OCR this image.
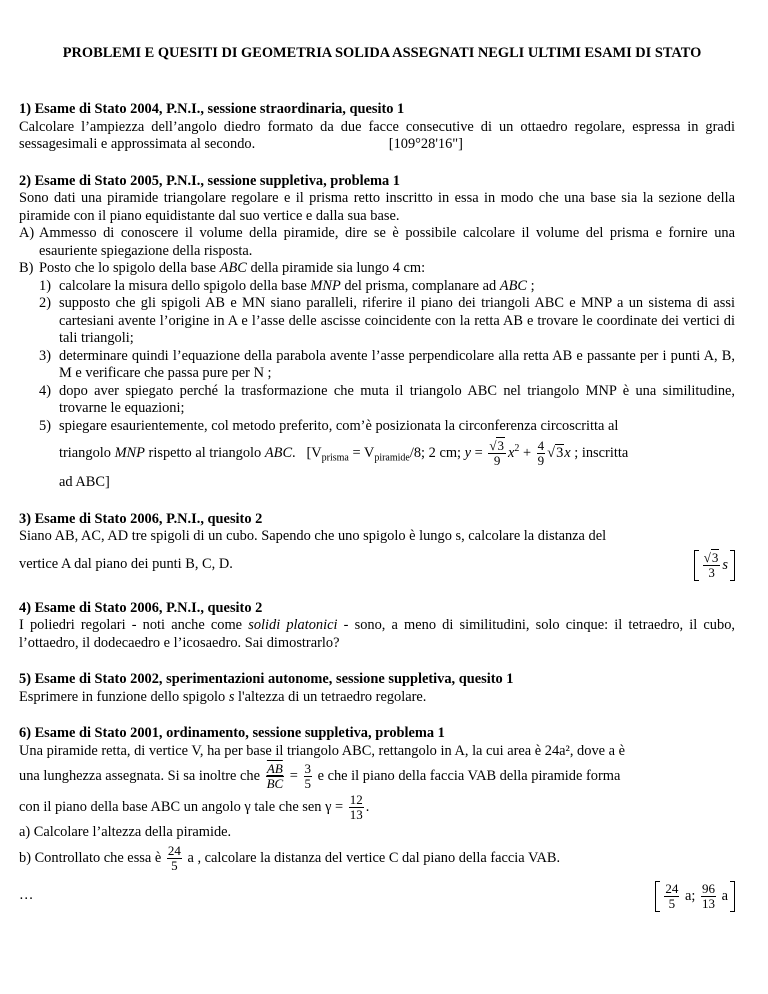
PROBLEMI E QUESITI DI GEOMETRIA SOLIDA ASSEGNATI NEGLI ULTIMI ESAMI DI STATO

1) Esame di Stato 2004, P.N.I., sessione straordinaria, quesito 1
Calcolare l’ampiezza dell’angolo diedro formato da due facce consecutive di un ottaedro regolare, espressa in gradi sessagesimali e approssimata al secondo.	[109°28'16"]
2) Esame di Stato 2005, P.N.I., sessione suppletiva, problema 1
Sono dati una piramide triangolare regolare e il prisma retto inscritto in essa in modo che una base sia la sezione della piramide con il piano equidistante dal suo vertice e dalla sua base.
A) Ammesso di conoscere il volume della piramide, dire se è possibile calcolare il volume del prisma e fornire una esauriente spiegazione della risposta.
B) Posto che lo spigolo della base ABC della piramide sia lungo 4 cm:
1) calcolare la misura dello spigolo della base MNP del prisma, complanare ad ABC ;
2) supposto che gli spigoli AB e MN siano paralleli, riferire il piano dei triangoli ABC e MNP a un sistema di assi cartesiani avente l’origine in A e l’asse delle ascisse coincidente con la retta AB e trovare le coordinate dei vertici di tali triangoli;
3) determinare quindi l’equazione della parabola avente l’asse perpendicolare alla retta AB e passante per i punti A, B, M e verificare che passa pure per N ;
4) dopo aver spiegato perché la trasformazione che muta il triangolo ABC nel triangolo MNP è una similitudine, trovarne le equazioni;
5) spiegare esaurientemente, col metodo preferito, com’è posizionata la circonferenza circoscritta al
triangolo MNP rispetto al triangolo ABC. [$V_{prisma} = V_{piramide}/8$; 2 cm; $y = \frac{√3}{9} x^2 + \frac{4}{9} √3x$ ; inscritta
ad ABC]
3) Esame di Stato 2006, P.N.I., quesito 2
Siano AB, AC, AD tre spigoli di un cubo. Sapendo che uno spigolo è lungo s, calcolare la distanza del
vertice A dal piano dei punti B, C, D.	$\frac{√3}{3}$ s
4) Esame di Stato 2006, P.N.I., quesito 2
I poliedri regolari - noti anche come solidi platonici - sono, a meno di similitudini, solo cinque: il tetraedro, il cubo, l’ottaedro, il dodecaedro e l’icosaedro. Sai dimostrarlo?
5) Esame di Stato 2002, sperimentazioni autonome, sessione suppletiva, quesito 1
Esprimere in funzione dello spigolo s l'altezza di un tetraedro regolare.
6) Esame di Stato 2001, ordinamento, sessione suppletiva, problema 1
Una piramide retta, di vertice V, ha per base il triangolo ABC, rettangolo in A, la cui area è 24a², dove a è
una lunghezza assegnata. Si sa inoltre che $\frac{\overline{AB}}{BC} = \frac{3}{5}$ e che il piano della faccia VAB della piramide forma
con il piano della base ABC un angolo γ tale che sen $\gamma = \frac{12}{13}$ .
a) Calcolare l’altezza della piramide.
b) Controllato che essa è $\frac{24}{5}$ a , calcolare la distanza del vertice C dal piano della faccia VAB.
…	$\frac{24}{5} a$; $\frac{96}{13}$ a
